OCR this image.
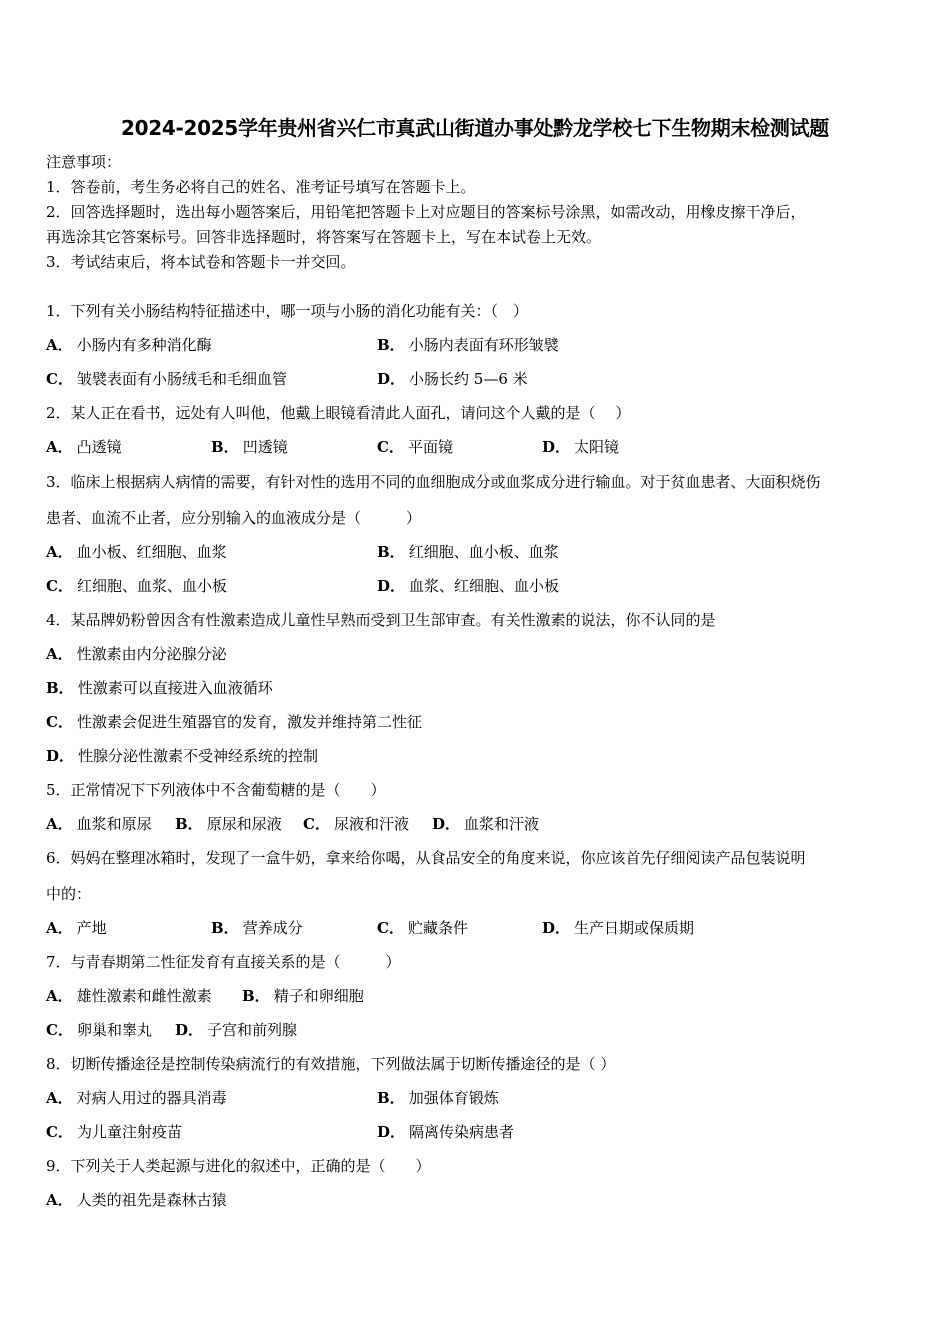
2024-2025学年贵州省兴仁市真武山街道办事处黔龙学校七下生物期末检测试题
注意事项：
1．答卷前，考生务必将自己的姓名、准考证号填写在答题卡上。
2．回答选择题时，选出每小题答案后，用铅笔把答题卡上对应题目的答案标号涂黑，如需改动，用橡皮擦干净后，
再选涂其它答案标号。回答非选择题时，将答案写在答题卡上，写在本试卷上无效。
3．考试结束后，将本试卷和答题卡一并交回。
1．下列有关小肠结构特征描述中，哪一项与小肠的消化功能有关：（　）
A． 小肠内有多种消化酶	B． 小肠内表面有环形皱襞
C． 皱襞表面有小肠绒毛和毛细血管	D． 小肠长约 5—6 米
2．某人正在看书，远处有人叫他，他戴上眼镜看清此人面孔，请问这个人戴的是（　 ）
A． 凸透镜	B． 凹透镜	C． 平面镜	D． 太阳镜
3．临床上根据病人病情的需要，有针对性的选用不同的血细胞成分或血浆成分进行输血。对于贫血患者、大面积烧伤
患者、血流不止者，应分别输入的血液成分是（　　　）
A． 血小板、红细胞、血浆	B． 红细胞、血小板、血浆
C． 红细胞、血浆、血小板	D． 血浆、红细胞、血小板
4．某品牌奶粉曾因含有性激素造成儿童性早熟而受到卫生部审查。有关性激素的说法，你不认同的是
A． 性激素由内分泌腺分泌
B． 性激素可以直接进入血液循环
C． 性激素会促进生殖器官的发育，激发并维持第二性征
D． 性腺分泌性激素不受神经系统的控制
5．正常情况下下列液体中不含葡萄糖的是（　　）
A． 血浆和原尿 B． 原尿和尿液 C． 尿液和汗液 D． 血浆和汗液
6．妈妈在整理冰箱时，发现了一盒牛奶，拿来给你喝，从食品安全的角度来说，你应该首先仔细阅读产品包装说明
中的：
A． 产地	B． 营养成分	C． 贮藏条件	D． 生产日期或保质期
7．与青春期第二性征发育有直接关系的是（　　　）
A． 雄性激素和雌性激素 B． 精子和卵细胞
C． 卵巢和睾丸 D． 子宫和前列腺
8．切断传播途径是控制传染病流行的有效措施，下列做法属于切断传播途径的是（ ）
A． 对病人用过的器具消毒	B． 加强体育锻炼
C． 为儿童注射疫苗	D． 隔离传染病患者
9．下列关于人类起源与进化的叙述中，正确的是（　　）
A． 人类的祖先是森林古猿
